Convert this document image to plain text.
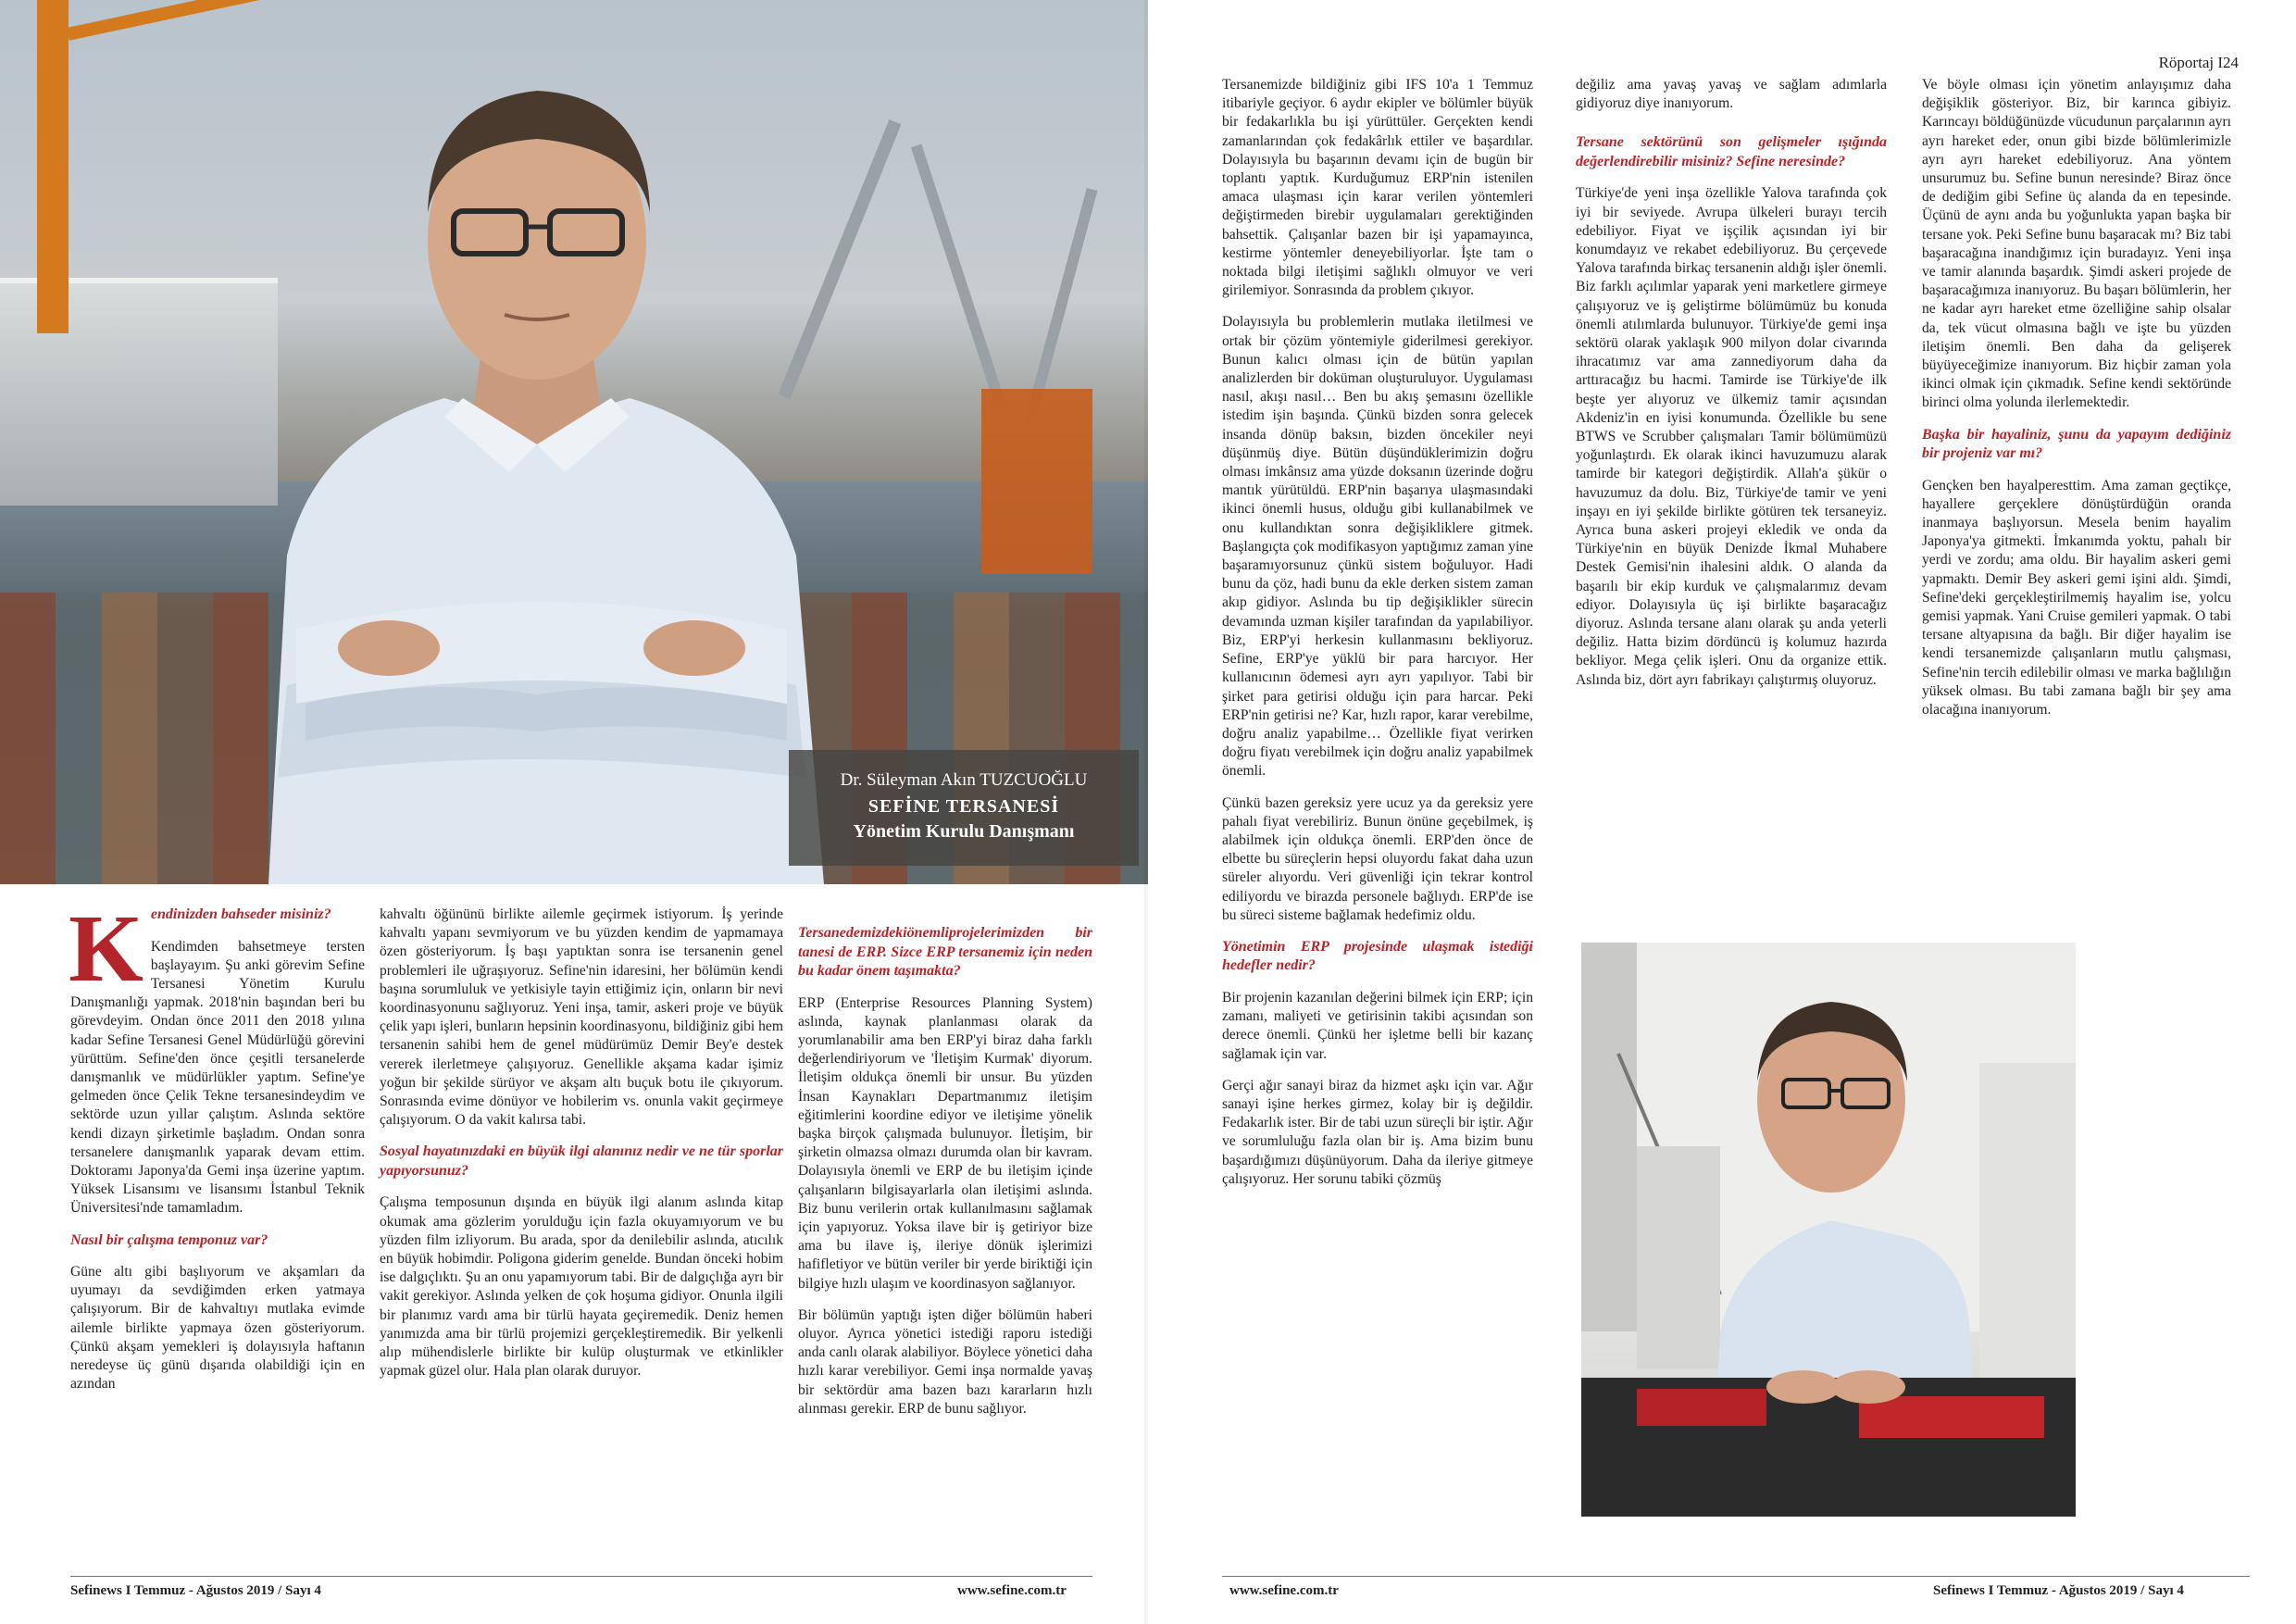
Dr. Süleyman Akın TUZCUOĞLU
SEFİNE TERSANESİ
Yönetim Kurulu Danışmanı
K endinizden bahseder misiniz?

Kendimden bahsetmeye tersten başlayayım. Şu anki görevim Sefine Tersanesi Yönetim Kurulu Danışmanlığı yapmak. 2018'nin başından beri bu görevdeyim. Ondan önce 2011 den 2018 yılına kadar Sefine Tersanesi Genel Müdürlüğü görevini yürüttüm. Sefine'den önce çeşitli tersanelerde danışmanlık ve müdürlükler yaptım. Sefine'ye gelmeden önce Çelik Tekne tersanesindeydim ve sektörde uzun yıllar çalıştım. Aslında sektöre kendi dizayn şirketimle başladım. Ondan sonra tersanelere danışmanlık yaparak devam ettim. Doktoramı Japonya'da Gemi inşa üzerine yaptım. Yüksek Lisansımı ve lisansımı İstanbul Teknik Üniversitesi'nde tamamladım.

Nasıl bir çalışma temponuz var?

Güne altı gibi başlıyorum ve akşamları da uyumayı da sevdiğimden erken yatmaya çalışıyorum. Bir de kahvaltıyı mutlaka evimde ailemle birlikte yapmaya özen gösteriyorum. Çünkü akşam yemekleri iş dolayısıyla haftanın neredeyse üç günü dışarıda olabildiği için en azından

kahvaltı öğününü birlikte ailemle geçirmek istiyorum. İş yerinde kahvaltı yapanı sevmiyorum ve bu yüzden kendim de yapmamaya özen gösteriyorum. İş başı yaptıktan sonra ise tersanenin genel problemleri ile uğraşıyoruz. Sefine'nin idaresini, her bölümün kendi başına sorumluluk ve yetkisiyle tayin ettiğimiz için, onların bir nevi koordinasyonunu sağlıyoruz. Yeni inşa, tamir, askeri proje ve büyük çelik yapı işleri, bunların hepsinin koordinasyonu, bildiğiniz gibi hem tersanenin sahibi hem de genel müdürümüz Demir Bey'e destek vererek ilerletmeye çalışıyoruz. Genellikle akşama kadar işimiz yoğun bir şekilde sürüyor ve akşam altı buçuk botu ile çıkıyorum. Sonrasında evime dönüyor ve hobilerim vs. onunla vakit geçirmeye çalışıyorum. O da vakit kalırsa tabi.

Sosyal hayatınızdaki en büyük ilgi alanınız nedir ve ne tür sporlar yapıyorsunuz?

Çalışma temposunun dışında en büyük ilgi alanım aslında kitap okumak ama gözlerim yorulduğu için fazla okuyamıyorum ve bu yüzden film izliyorum. Bu arada, spor da denilebilir aslında, atıcılık en büyük hobimdir. Poligona giderim genelde. Bundan önceki hobim ise dalgıçlıktı. Şu an onu yapamıyorum tabi. Bir de dalgıçlığa ayrı bir vakit gerekiyor. Aslında yelken de çok hoşuma gidiyor. Onunla ilgili bir planımız vardı ama bir türlü hayata geçiremedik. Deniz hemen yanımızda ama bir türlü projemizi gerçekleştiremedik. Bir yelkenli alıp mühendislerle birlikte bir kulüp oluşturmak ve etkinlikler yapmak güzel olur. Hala plan olarak duruyor.

Tersanedemizdekiönemliprojelerimizden bir tanesi de ERP. Sizce ERP tersanemiz için neden bu kadar önem taşımakta?

ERP (Enterprise Resources Planning System) aslında, kaynak planlanması olarak da yorumlanabilir ama ben ERP'yi biraz daha farklı değerlendiriyorum ve 'İletişim Kurmak' diyorum. İletişim oldukça önemli bir unsur. Bu yüzden İnsan Kaynakları Departmanımız iletişim eğitimlerini koordine ediyor ve iletişime yönelik başka birçok çalışmada bulunuyor. İletişim, bir şirketin olmazsa olmazı durumda olan bir kavram. Dolayısıyla önemli ve ERP de bu iletişim içinde çalışanların bilgisayarlarla olan iletişimi aslında. Biz bunu verilerin ortak kullanılmasını sağlamak için yapıyoruz. Yoksa ilave bir iş getiriyor bize ama bu ilave iş, ileriye dönük işlerimizi hafifletiyor ve bütün veriler bir yerde biriktiği için bilgiye hızlı ulaşım ve koordinasyon sağlanıyor.

Bir bölümün yaptığı işten diğer bölümün haberi oluyor. Ayrıca yönetici istediği raporu istediği anda canlı olarak alabiliyor. Böylece yönetici daha hızlı karar verebiliyor. Gemi inşa normalde yavaş bir sektördür ama bazen bazı kararların hızlı alınması gerekir. ERP de bunu sağlıyor.

Sefinews I Temmuz - Ağustos 2019 / Sayı 4	www.sefine.com.tr
Röportaj I24

Tersanemizde bildiğiniz gibi IFS 10'a 1 Temmuz itibariyle geçiyor. 6 aydır ekipler ve bölümler büyük bir fedakarlıkla bu işi yürüttüler. Gerçekten kendi zamanlarından çok fedakârlık ettiler ve başardılar. Dolayısıyla bu başarının devamı için de bugün bir toplantı yaptık. Kurduğumuz ERP'nin istenilen amaca ulaşması için karar verilen yöntemleri değiştirmeden birebir uygulamaları gerektiğinden bahsettik. Çalışanlar bazen bir işi yapamayınca, kestirme yöntemler deneyebiliyorlar. İşte tam o noktada bilgi iletişimi sağlıklı olmuyor ve veri girilemiyor. Sonrasında da problem çıkıyor.

Dolayısıyla bu problemlerin mutlaka iletilmesi ve ortak bir çözüm yöntemiyle giderilmesi gerekiyor. Bunun kalıcı olması için de bütün yapılan analizlerden bir doküman oluşturuluyor. Uygulaması nasıl, akışı nasıl… Ben bu akış şemasını özellikle istedim işin başında. Çünkü bizden sonra gelecek insanda dönüp baksın, bizden öncekiler neyi düşünmüş diye. Bütün düşündüklerimizin doğru olması imkânsız ama yüzde doksanın üzerinde doğru mantık yürütüldü. ERP'nin başarıya ulaşmasındaki ikinci önemli husus, olduğu gibi kullanabilmek ve onu kullandıktan sonra değişikliklere gitmek. Başlangıçta çok modifikasyon yaptığımız zaman yine başaramıyorsunuz çünkü sistem boğuluyor. Hadi bunu da çöz, hadi bunu da ekle derken sistem zaman akıp gidiyor. Aslında bu tip değişiklikler sürecin devamında uzman kişiler tarafından da yapılabiliyor. Biz, ERP'yi herkesin kullanmasını bekliyoruz. Sefine, ERP'ye yüklü bir para harcıyor. Her kullanıcının ödemesi ayrı ayrı yapılıyor. Tabi bir şirket para getirisi olduğu için para harcar. Peki ERP'nin getirisi ne? Kar, hızlı rapor, karar verebilme, doğru analiz yapabilme… Özellikle fiyat verirken doğru fiyatı verebilmek için doğru analiz yapabilmek önemli.

Çünkü bazen gereksiz yere ucuz ya da gereksiz yere pahalı fiyat verebiliriz. Bunun önüne geçebilmek, iş alabilmek için oldukça önemli. ERP'den önce de elbette bu süreçlerin hepsi oluyordu fakat daha uzun süreler alıyordu. Veri güvenliği için tekrar kontrol ediliyordu ve birazda personele bağlıydı. ERP'de ise bu süreci sisteme bağlamak hedefimiz oldu.

Yönetimin ERP projesinde ulaşmak istediği hedefler nedir?

Bir projenin kazanılan değerini bilmek için ERP; için zamanı, maliyeti ve getirisinin takibi açısından son derece önemli. Çünkü her işletme belli bir kazanç sağlamak için var.

Gerçi ağır sanayi biraz da hizmet aşkı için var. Ağır sanayi işine herkes girmez, kolay bir iş değildir. Fedakarlık ister. Bir de tabi uzun süreçli bir iştir. Ağır ve sorumluluğu fazla olan bir iş. Ama bizim bunu başardığımızı düşünüyorum. Daha da ileriye gitmeye çalışıyoruz. Her sorunu tabiki çözmüş

değiliz ama yavaş yavaş ve sağlam adımlarla gidiyoruz diye inanıyorum.

Tersane sektörünü son gelişmeler ışığında değerlendirebilir misiniz? Sefine neresinde?

Türkiye'de yeni inşa özellikle Yalova tarafında çok iyi bir seviyede. Avrupa ülkeleri burayı tercih edebiliyor. Fiyat ve işçilik açısından iyi bir konumdayız ve rekabet edebiliyoruz. Bu çerçevede Yalova tarafında birkaç tersanenin aldığı işler önemli. Biz farklı açılımlar yaparak yeni marketlere girmeye çalışıyoruz ve iş geliştirme bölümümüz bu konuda önemli atılımlarda bulunuyor. Türkiye'de gemi inşa sektörü olarak yaklaşık 900 milyon dolar civarında ihracatımız var ama zannediyorum daha da arttıracağız bu hacmi. Tamirde ise Türkiye'de ilk beşte yer alıyoruz ve ülkemiz tamir açısından Akdeniz'in en iyisi konumunda. Özellikle bu sene BTWS ve Scrubber çalışmaları Tamir bölümümüzü yoğunlaştırdı. Ek olarak ikinci havuzumuzu alarak tamirde bir kategori değiştirdik. Allah'a şükür o havuzumuz da dolu. Biz, Türkiye'de tamir ve yeni inşayı en iyi şekilde birlikte götüren tek tersaneyiz. Ayrıca buna askeri projeyi ekledik ve onda da Türkiye'nin en büyük Denizde İkmal Muhabere Destek Gemisi'nin ihalesini aldık. O alanda da başarılı bir ekip kurduk ve çalışmalarımız devam ediyor. Dolayısıyla üç işi birlikte başaracağız diyoruz. Aslında tersane alanı olarak şu anda yeterli değiliz. Hatta bizim dördüncü iş kolumuz hazırda bekliyor. Mega çelik işleri. Onu da organize ettik. Aslında biz, dört ayrı fabrikayı çalıştırmış oluyoruz.

Ve böyle olması için yönetim anlayışımız daha değişiklik gösteriyor. Biz, bir karınca gibiyiz. Karıncayı böldüğünüzde vücudunun parçalarının ayrı ayrı hareket eder, onun gibi bizde bölümlerimizle ayrı ayrı hareket edebiliyoruz. Ana yöntem unsurumuz bu. Sefine bunun neresinde? Biraz önce de dediğim gibi Sefine üç alanda da en tepesinde. Üçünü de aynı anda bu yoğunlukta yapan başka bir tersane yok. Peki Sefine bunu başaracak mı? Biz tabi başaracağına inandığımız için buradayız. Yeni inşa ve tamir alanında başardık. Şimdi askeri projede de başaracağımıza inanıyoruz. Bu başarı bölümlerin, her ne kadar ayrı hareket etme özelliğine sahip olsalar da, tek vücut olmasına bağlı ve işte bu yüzden iletişim önemli. Ben daha da gelişerek büyüyeceğimize inanıyorum. Biz hiçbir zaman yola ikinci olmak için çıkmadık. Sefine kendi sektöründe birinci olma yolunda ilerlemektedir.

Başka bir hayaliniz, şunu da yapayım dediğiniz bir projeniz var mı?

Gençken ben hayalperesttim. Ama zaman geçtikçe, hayallere gerçeklere dönüştürdüğün oranda inanmaya başlıyorsun. Mesela benim hayalim Japonya'ya gitmekti. İmkanımda yoktu, pahalı bir yerdi ve zordu; ama oldu. Bir hayalim askeri gemi yapmaktı. Demir Bey askeri gemi işini aldı. Şimdi, Sefine'deki gerçekleştirilmemiş hayalim ise, yolcu gemisi yapmak. Yani Cruise gemileri yapmak. O tabi tersane altyapısına da bağlı. Bir diğer hayalim ise kendi tersanemizde çalışanların mutlu çalışması, Sefine'nin tercih edilebilir olması ve marka bağlılığın yüksek olması. Bu tabi zamana bağlı bir şey ama olacağına inanıyorum.

www.sefine.com.tr	Sefinews I Temmuz - Ağustos 2019 / Sayı 4
